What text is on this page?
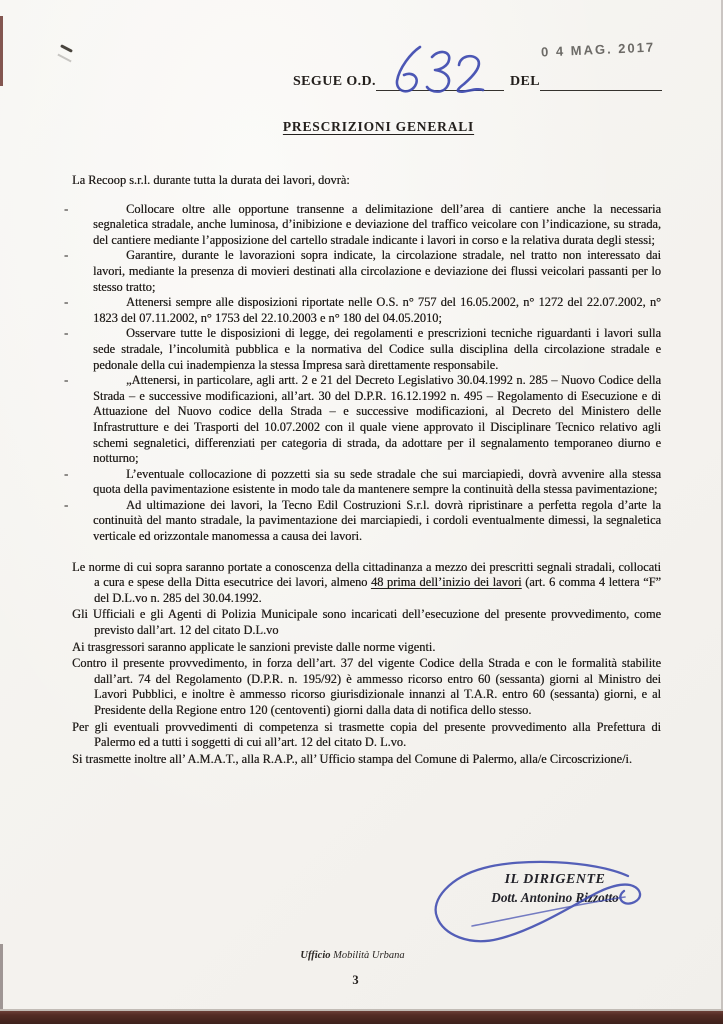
0 4 MAG. 2017
SEGUE O.D.	DEL
PRESCRIZIONI GENERALI

La Recoop s.r.l. durante tutta la durata dei lavori, dovrà:

-	Collocare oltre alle opportune transenne a delimitazione dell’area di cantiere anche la necessaria segnaletica stradale, anche luminosa, d’inibizione e deviazione del traffico veicolare con l’indicazione, su strada, del cantiere mediante l’apposizione del cartello stradale indicante i lavori in corso e la relativa durata degli stessi;

-	Garantire, durante le lavorazioni sopra indicate, la circolazione stradale, nel tratto non interessato dai lavori, mediante la presenza di movieri destinati alla circolazione e deviazione dei flussi veicolari passanti per lo stesso tratto;

-	Attenersi sempre alle disposizioni riportate nelle O.S. n° 757 del 16.05.2002, n° 1272 del 22.07.2002, n° 1823 del 07.11.2002, n° 1753 del 22.10.2003 e n° 180 del 04.05.2010;

-	Osservare tutte le disposizioni di legge, dei regolamenti e prescrizioni tecniche riguardanti i lavori sulla sede stradale, l’incolumità pubblica e la normativa del Codice sulla disciplina della circolazione stradale e pedonale della cui inadempienza la stessa Impresa sarà direttamente responsabile.

-	„Attenersi, in particolare, agli artt. 2 e 21 del Decreto Legislativo 30.04.1992 n. 285 – Nuovo Codice della Strada – e successive modificazioni, all’art. 30 del D.P.R. 16.12.1992 n. 495 – Regolamento di Esecuzione e di Attuazione del Nuovo codice della Strada – e successive modificazioni, al Decreto del Ministero delle Infrastrutture e dei Trasporti del 10.07.2002 con il quale viene approvato il Disciplinare Tecnico relativo agli schemi segnaletici, differenziati per categoria di strada, da adottare per il segnalamento temporaneo diurno e notturno;

-	L’eventuale collocazione di pozzetti sia su sede stradale che sui marciapiedi, dovrà avvenire alla stessa quota della pavimentazione esistente in modo tale da mantenere sempre la continuità della stessa pavimentazione;

-	Ad ultimazione dei lavori, la Tecno Edil Costruzioni S.r.l. dovrà ripristinare a perfetta regola d’arte la continuità del manto stradale, la pavimentazione dei marciapiedi, i cordoli eventualmente dimessi, la segnaletica verticale ed orizzontale manomessa a causa dei lavori.

Le norme di cui sopra saranno portate a conoscenza della cittadinanza a mezzo dei prescritti segnali stradali, collocati a cura e spese della Ditta esecutrice dei lavori, almeno 48 prima dell’inizio dei lavori (art. 6 comma 4 lettera “F” del D.L.vo n. 285 del 30.04.1992.

Gli Ufficiali e gli Agenti di Polizia Municipale sono incaricati dell’esecuzione del presente provvedimento, come previsto dall’art. 12 del citato D.L.vo

Ai trasgressori saranno applicate le sanzioni previste dalle norme vigenti.

Contro il presente provvedimento, in forza dell’art. 37 del vigente Codice della Strada e con le formalità stabilite dall’art. 74 del Regolamento (D.P.R. n. 195/92) è ammesso ricorso entro 60 (sessanta) giorni al Ministro dei Lavori Pubblici, e inoltre è ammesso ricorso giurisdizionale innanzi al T.A.R. entro 60 (sessanta) giorni, e al Presidente della Regione entro 120 (centoventi) giorni dalla data di notifica dello stesso.

Per gli eventuali provvedimenti di competenza si trasmette copia del presente provvedimento alla Prefettura di Palermo ed a tutti i soggetti di cui all’art. 12 del citato D. L.vo.

Si trasmette inoltre all’ A.M.A.T., alla R.A.P., all’ Ufficio stampa del Comune di Palermo, alla/e Circoscrizione/i.

IL DIRIGENTE
Dott. Antonino Rizzotto
Ufficio Mobilità Urbana
3
